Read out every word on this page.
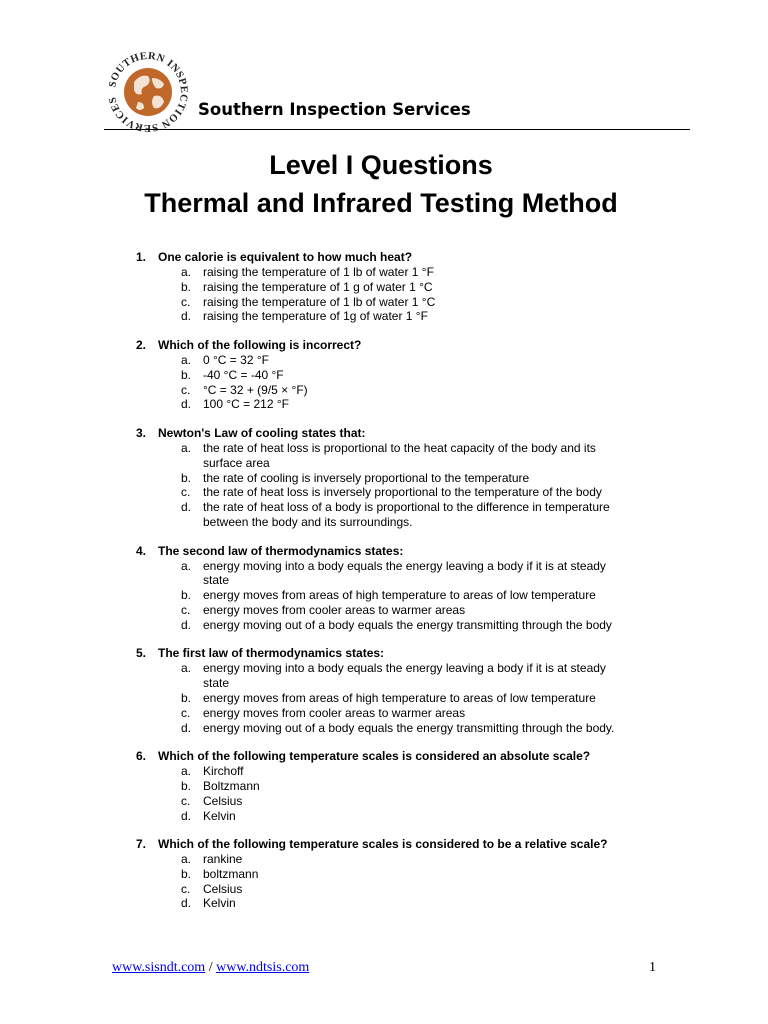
SOUTHERN INSPECTION SERVICES
Southern Inspection Services
Level I Questions
Thermal and Infrared Testing Method
1. One calorie is equivalent to how much heat?
a. raising the temperature of 1 lb of water 1 °F
b. raising the temperature of 1 g of water 1 °C
c.	raising the temperature of 1 lb of water 1 °C
d. raising the temperature of 1g of water 1 °F
2. Which of the following is incorrect?
a. 0 °C = 32 °F
b. -40 °C = -40 °F
c.	°C = 32 + (9/5 × °F)
d. 100 °C = 212 °F
3. Newton's Law of cooling states that:
a. the rate of heat loss is proportional to the heat capacity of the body and its surface area
b. the rate of cooling is inversely proportional to the temperature
c.	the rate of heat loss is inversely proportional to the temperature of the body
d. the rate of heat loss of a body is proportional to the difference in temperature between the body and its surroundings.
4. The second law of thermodynamics states:
a. energy moving into a body equals the energy leaving a body if it is at steady state
b. energy moves from areas of high temperature to areas of low temperature
c.	energy moves from cooler areas to warmer areas
d. energy moving out of a body equals the energy transmitting through the body
5. The first law of thermodynamics states:
a. energy moving into a body equals the energy leaving a body if it is at steady state
b. energy moves from areas of high temperature to areas of low temperature
c.	energy moves from cooler areas to warmer areas
d. energy moving out of a body equals the energy transmitting through the body.
6. Which of the following temperature scales is considered an absolute scale?
a. Kirchoff
b. Boltzmann
c.	Celsius
d. Kelvin
7. Which of the following temperature scales is considered to be a relative scale?
a. rankine
b. boltzmann
c.	Celsius
d. Kelvin
www.sisndt.com / www.ndtsis.com	1
